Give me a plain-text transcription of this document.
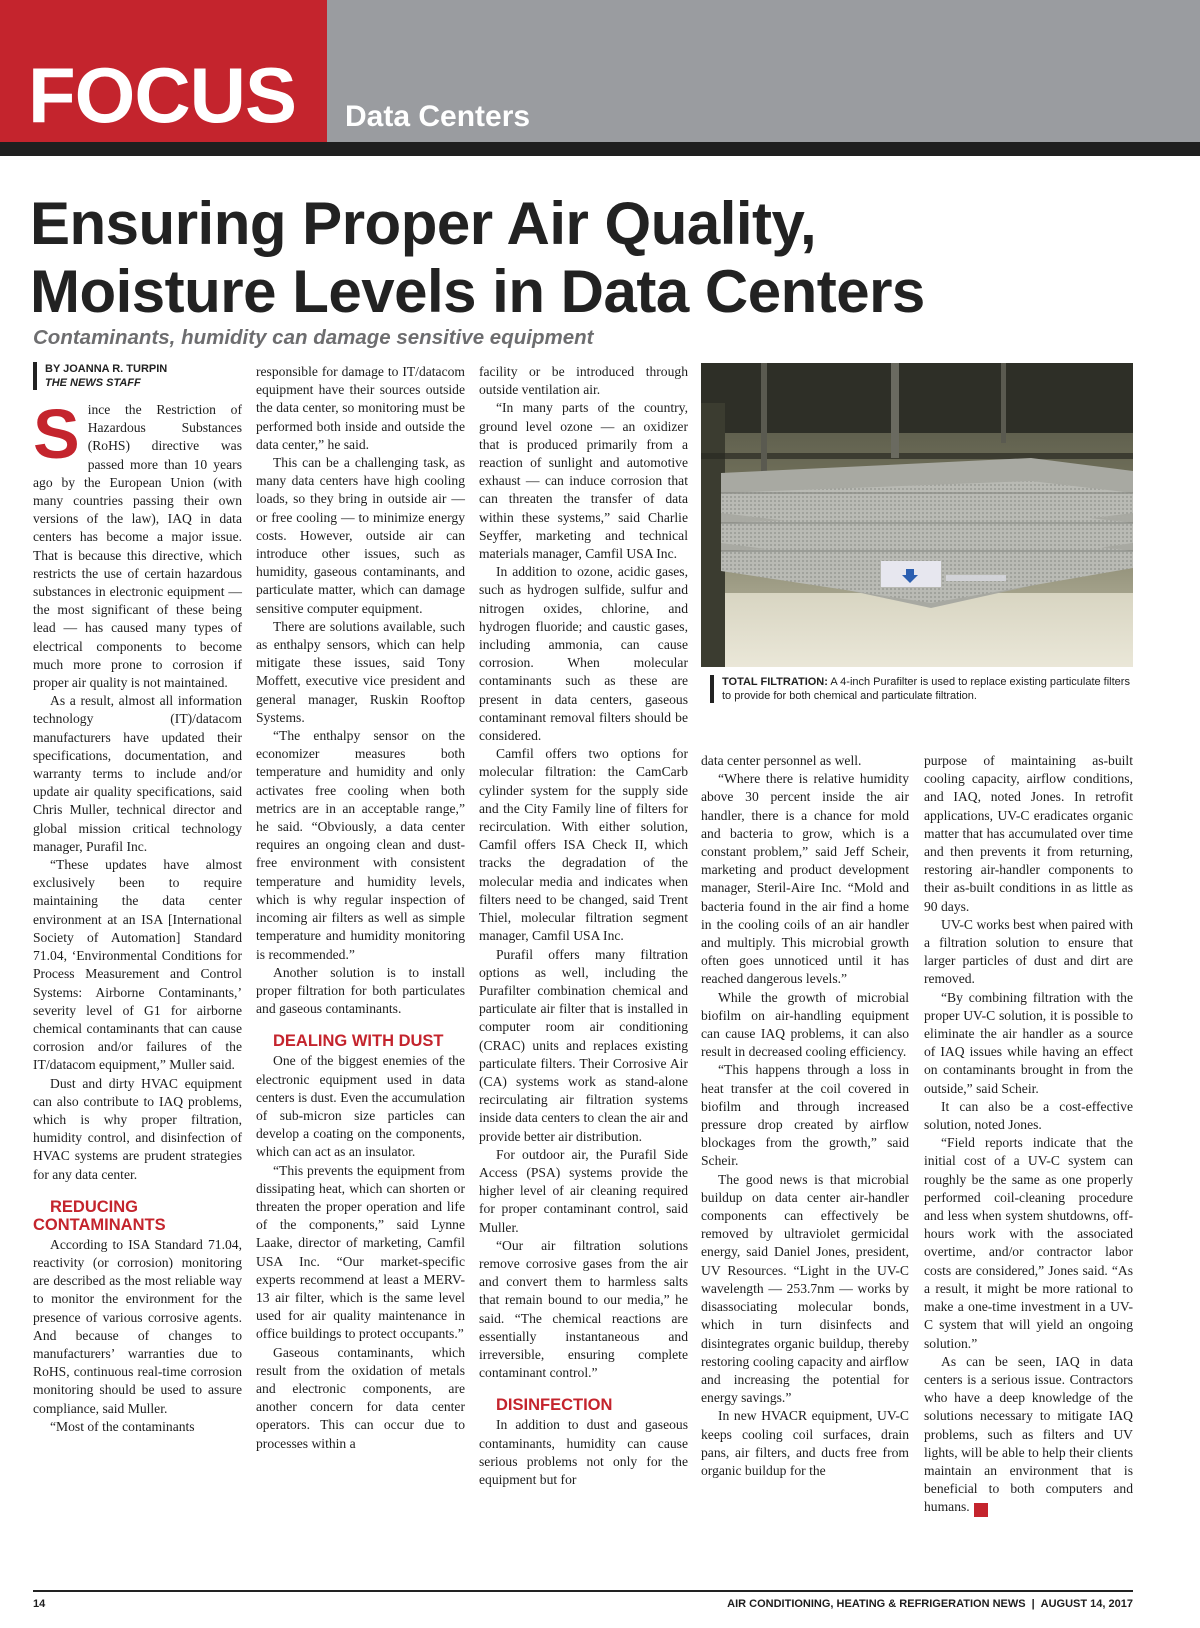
FOCUS Data Centers
Ensuring Proper Air Quality,
Moisture Levels in Data Centers
Contaminants, humidity can damage sensitive equipment
BY JOANNA R. TURPIN
THE NEWS STAFF

Since the Restriction of Hazardous Substances (RoHS) directive was passed more than 10 years ago by the European Union (with many countries passing their own versions of the law), IAQ in data centers has become a major issue. That is because this directive, which restricts the use of certain hazardous substances in electronic equipment — the most significant of these being lead — has caused many types of electrical components to become much more prone to corrosion if proper air quality is not maintained.

As a result, almost all information technology (IT)/datacom manufacturers have updated their specifications, documentation, and warranty terms to include and/or update air quality specifications, said Chris Muller, technical director and global mission critical technology manager, Purafil Inc.

“These updates have almost exclusively been to require maintaining the data center environment at an ISA [International Society of Automation] Standard 71.04, ‘Environmental Conditions for Process Measurement and Control Systems: Airborne Contaminants,’ severity level of G1 for airborne chemical contaminants that can cause corrosion and/or failures of the IT/datacom equipment,” Muller said.

Dust and dirty HVAC equipment can also contribute to IAQ problems, which is why proper filtration, humidity control, and disinfection of HVAC systems are prudent strategies for any data center.

REDUCING CONTAMINANTS

According to ISA Standard 71.04, reactivity (or corrosion) monitoring are described as the most reliable way to monitor the environment for the presence of various corrosive agents. And because of changes to manufacturers’ warranties due to RoHS, continuous real-time corrosion monitoring should be used to assure compliance, said Muller.

“Most of the contaminants

responsible for damage to IT/datacom equipment have their sources outside the data center, so monitoring must be performed both inside and outside the data center,” he said.

This can be a challenging task, as many data centers have high cooling loads, so they bring in outside air — or free cooling — to minimize energy costs. However, outside air can introduce other issues, such as humidity, gaseous contaminants, and particulate matter, which can damage sensitive computer equipment.

There are solutions available, such as enthalpy sensors, which can help mitigate these issues, said Tony Moffett, executive vice president and general manager, Ruskin Rooftop Systems.

“The enthalpy sensor on the economizer measures both temperature and humidity and only activates free cooling when both metrics are in an acceptable range,” he said. “Obviously, a data center requires an ongoing clean and dust-free environment with consistent temperature and humidity levels, which is why regular inspection of incoming air filters as well as simple temperature and humidity monitoring is recommended.”

Another solution is to install proper filtration for both particulates and gaseous contaminants.

DEALING WITH DUST

One of the biggest enemies of the electronic equipment used in data centers is dust. Even the accumulation of sub-micron size particles can develop a coating on the components, which can act as an insulator.

“This prevents the equipment from dissipating heat, which can shorten or threaten the proper operation and life of the components,” said Lynne Laake, director of marketing, Camfil USA Inc. “Our market-specific experts recommend at least a MERV-13 air filter, which is the same level used for air quality maintenance in office buildings to protect occupants.”

Gaseous contaminants, which result from the oxidation of metals and electronic components, are another concern for data center operators. This can occur due to processes within a

facility or be introduced through outside ventilation air.

“In many parts of the country, ground level ozone — an oxidizer that is produced primarily from a reaction of sunlight and automotive exhaust — can induce corrosion that can threaten the transfer of data within these systems,” said Charlie Seyffer, marketing and technical materials manager, Camfil USA Inc.

In addition to ozone, acidic gases, such as hydrogen sulfide, sulfur and nitrogen oxides, chlorine, and hydrogen fluoride; and caustic gases, including ammonia, can cause corrosion. When molecular contaminants such as these are present in data centers, gaseous contaminant removal filters should be considered.

Camfil offers two options for molecular filtration: the CamCarb cylinder system for the supply side and the City Family line of filters for recirculation. With either solution, Camfil offers ISA Check II, which tracks the degradation of the molecular media and indicates when filters need to be changed, said Trent Thiel, molecular filtration segment manager, Camfil USA Inc.

Purafil offers many filtration options as well, including the Purafilter combination chemical and particulate air filter that is installed in computer room air conditioning (CRAC) units and replaces existing particulate filters. Their Corrosive Air (CA) systems work as stand-alone recirculating air filtration systems inside data centers to clean the air and provide better air distribution.

For outdoor air, the Purafil Side Access (PSA) systems provide the higher level of air cleaning required for proper contaminant control, said Muller.

“Our air filtration solutions remove corrosive gases from the air and convert them to harmless salts that remain bound to our media,” he said. “The chemical reactions are essentially instantaneous and irreversible, ensuring complete contaminant control.”

DISINFECTION

In addition to dust and gaseous contaminants, humidity can cause serious problems not only for the equipment but for

TOTAL FILTRATION: A 4-inch Purafilter is used to replace existing particulate filters to provide for both chemical and particulate filtration.

data center personnel as well.

“Where there is relative humidity above 30 percent inside the air handler, there is a chance for mold and bacteria to grow, which is a constant problem,” said Jeff Scheir, marketing and product development manager, Steril-Aire Inc. “Mold and bacteria found in the air find a home in the cooling coils of an air handler and multiply. This microbial growth often goes unnoticed until it has reached dangerous levels.”

While the growth of microbial biofilm on air-handling equipment can cause IAQ problems, it can also result in decreased cooling efficiency.

“This happens through a loss in heat transfer at the coil covered in biofilm and through increased pressure drop created by airflow blockages from the growth,” said Scheir.

The good news is that microbial buildup on data center air-handler components can effectively be removed by ultraviolet germicidal energy, said Daniel Jones, president, UV Resources. “Light in the UV-C wavelength — 253.7nm — works by disassociating molecular bonds, which in turn disinfects and disintegrates organic buildup, thereby restoring cooling capacity and airflow and increasing the potential for energy savings.”

In new HVACR equipment, UV-C keeps cooling coil surfaces, drain pans, air filters, and ducts free from organic buildup for the

purpose of maintaining as-built cooling capacity, airflow conditions, and IAQ, noted Jones. In retrofit applications, UV-C eradicates organic matter that has accumulated over time and then prevents it from returning, restoring air-handler components to their as-built conditions in as little as 90 days.

UV-C works best when paired with a filtration solution to ensure that larger particles of dust and dirt are removed.

“By combining filtration with the proper UV-C solution, it is possible to eliminate the air handler as a source of IAQ issues while having an effect on contaminants brought in from the outside,” said Scheir.

It can also be a cost-effective solution, noted Jones.

“Field reports indicate that the initial cost of a UV-C system can roughly be the same as one properly performed coil-cleaning procedure and less when system shutdowns, off-hours work with the associated overtime, and/or contractor labor costs are considered,” Jones said. “As a result, it might be more rational to make a one-time investment in a UV-C system that will yield an ongoing solution.”

As can be seen, IAQ in data centers is a serious issue. Contractors who have a deep knowledge of the solutions necessary to mitigate IAQ problems, such as filters and UV lights, will be able to help their clients maintain an environment that is beneficial to both computers and humans. N

14	AIR CONDITIONING, HEATING & REFRIGERATION NEWS | AUGUST 14, 2017
